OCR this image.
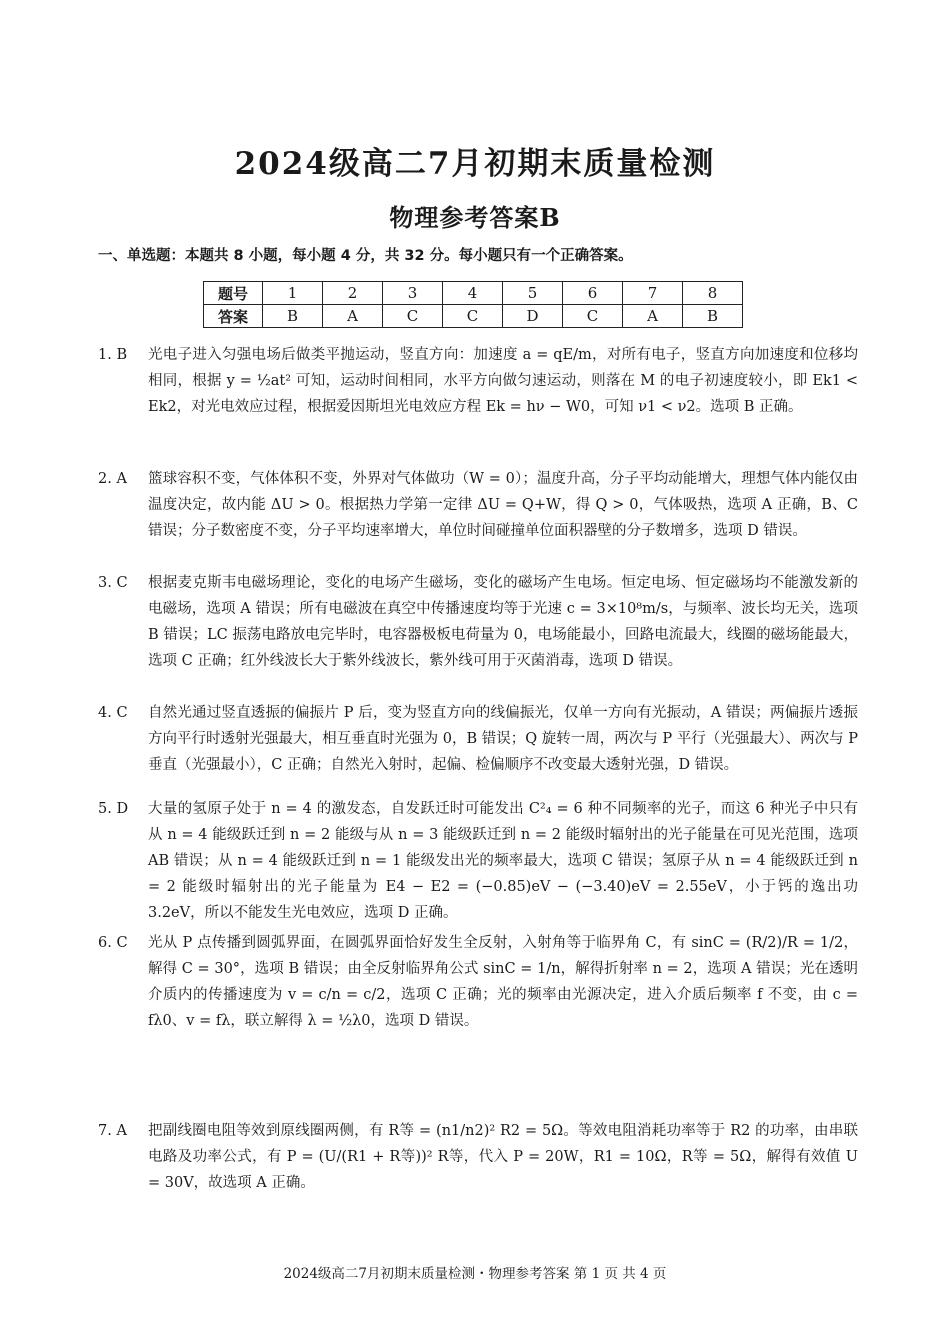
2024级高二7月初期末质量检测
物理参考答案B
一、单选题：本题共 8 小题，每小题 4 分，共 32 分。每小题只有一个正确答案。
题号	1	2	3	4	5	6	7	8
答案	B	A	C	C	D	C	A	B
1. B	光电子进入匀强电场后做类平抛运动，竖直方向：加速度 a = qE/m，对所有电子，竖直方向加速度和位移均相同，根据 y = ½at² 可知，运动时间相同，水平方向做匀速运动，则落在 M 的电子初速度较小，即 Ek1 < Ek2，对光电效应过程，根据爱因斯坦光电效应方程 Ek = hν − W0，可知 ν1 < ν2。选项 B 正确。
2. A	篮球容积不变，气体体积不变，外界对气体做功（W = 0）；温度升高，分子平均动能增大，理想气体内能仅由温度决定，故内能 ΔU > 0。根据热力学第一定律 ΔU = Q+W，得 Q > 0，气体吸热，选项 A 正确，B、C 错误；分子数密度不变，分子平均速率增大，单位时间碰撞单位面积器壁的分子数增多，选项 D 错误。
3. C	根据麦克斯韦电磁场理论，变化的电场产生磁场，变化的磁场产生电场。恒定电场、恒定磁场均不能激发新的电磁场，选项 A 错误；所有电磁波在真空中传播速度均等于光速 c = 3×10⁸m/s，与频率、波长均无关，选项 B 错误；LC 振荡电路放电完毕时，电容器极板电荷量为 0，电场能最小，回路电流最大，线圈的磁场能最大，选项 C 正确；红外线波长大于紫外线波长，紫外线可用于灭菌消毒，选项 D 错误。
4. C	自然光通过竖直透振的偏振片 P 后，变为竖直方向的线偏振光，仅单一方向有光振动，A 错误；两偏振片透振方向平行时透射光强最大，相互垂直时光强为 0，B 错误；Q 旋转一周，两次与 P 平行（光强最大）、两次与 P 垂直（光强最小），C 正确；自然光入射时，起偏、检偏顺序不改变最大透射光强，D 错误。
5. D	大量的氢原子处于 n = 4 的激发态，自发跃迁时可能发出 C²₄ = 6 种不同频率的光子，而这 6 种光子中只有从 n = 4 能级跃迁到 n = 2 能级与从 n = 3 能级跃迁到 n = 2 能级时辐射出的光子能量在可见光范围，选项 AB 错误；从 n = 4 能级跃迁到 n = 1 能级发出光的频率最大，选项 C 错误；氢原子从 n = 4 能级跃迁到 n = 2 能级时辐射出的光子能量为 E4 − E2 = (−0.85)eV − (−3.40)eV = 2.55eV，小于钙的逸出功 3.2eV，所以不能发生光电效应，选项 D 正确。
6. C	光从 P 点传播到圆弧界面，在圆弧界面恰好发生全反射，入射角等于临界角 C，有 sinC = (R/2)/R = 1/2，解得 C = 30°，选项 B 错误；由全反射临界角公式 sinC = 1/n，解得折射率 n = 2，选项 A 错误；光在透明介质内的传播速度为 v = c/n = c/2，选项 C 正确；光的频率由光源决定，进入介质后频率 f 不变，由 c = fλ0、v = fλ，联立解得 λ = ½λ0，选项 D 错误。
7. A	把副线圈电阻等效到原线圈两侧，有 R等 = (n1/n2)² R2 = 5Ω。等效电阻消耗功率等于 R2 的功率，由串联电路及功率公式，有 P = (U/(R1 + R等))² R等，代入 P = 20W，R1 = 10Ω，R等 = 5Ω，解得有效值 U = 30V，故选项 A 正确。
2024级高二7月初期末质量检测・物理参考答案 第 1 页 共 4 页
